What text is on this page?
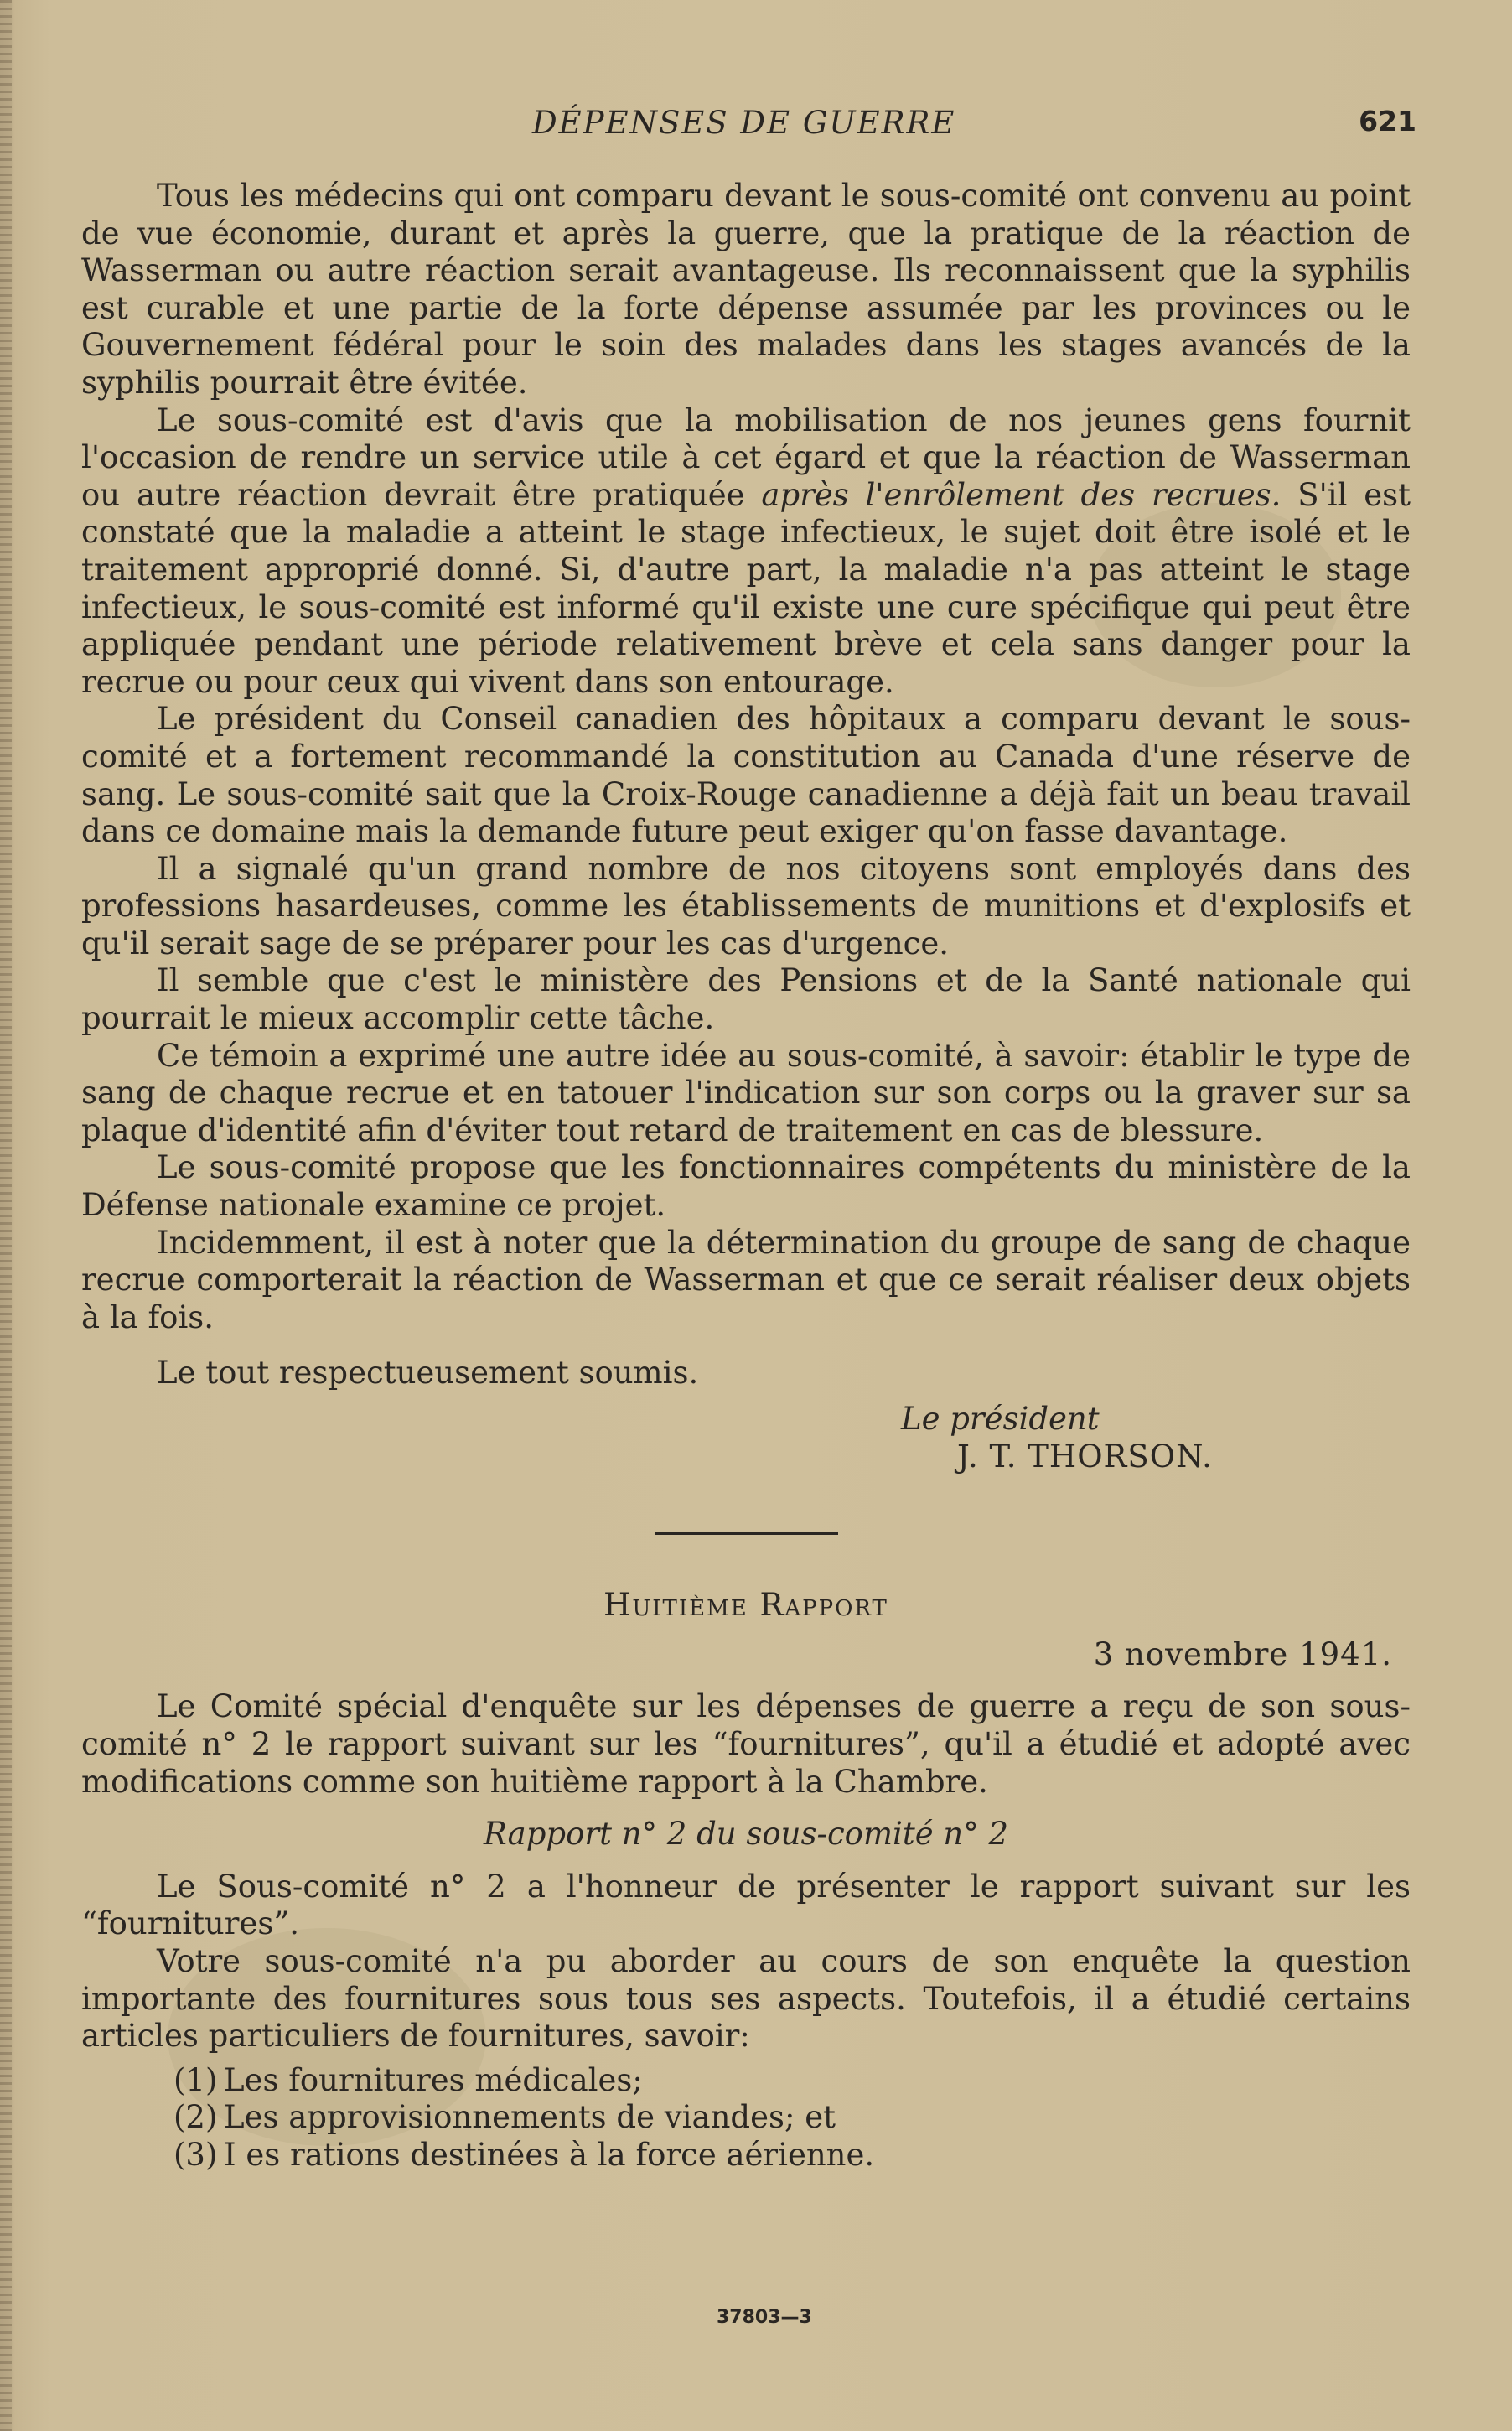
DÉPENSES DE GUERRE	621

Tous les médecins qui ont comparu devant le sous-comité ont convenu au point de vue économie, durant et après la guerre, que la pratique de la réaction de Wasserman ou autre réaction serait avantageuse. Ils reconnaissent que la syphilis est curable et une partie de la forte dépense assumée par les provinces ou le Gouvernement fédéral pour le soin des malades dans les stages avancés de la syphilis pourrait être évitée.

Le sous-comité est d'avis que la mobilisation de nos jeunes gens fournit l'occasion de rendre un service utile à cet égard et que la réaction de Wasserman ou autre réaction devrait être pratiquée après l'enrôlement des recrues. S'il est constaté que la maladie a atteint le stage infectieux, le sujet doit être isolé et le traitement approprié donné. Si, d'autre part, la maladie n'a pas atteint le stage infectieux, le sous-comité est informé qu'il existe une cure spécifique qui peut être appliquée pendant une période relativement brève et cela sans danger pour la recrue ou pour ceux qui vivent dans son entourage.

Le président du Conseil canadien des hôpitaux a comparu devant le sous-comité et a fortement recommandé la constitution au Canada d'une réserve de sang. Le sous-comité sait que la Croix-Rouge canadienne a déjà fait un beau travail dans ce domaine mais la demande future peut exiger qu'on fasse davantage.

Il a signalé qu'un grand nombre de nos citoyens sont employés dans des professions hasardeuses, comme les établissements de munitions et d'explosifs et qu'il serait sage de se préparer pour les cas d'urgence.

Il semble que c'est le ministère des Pensions et de la Santé nationale qui pourrait le mieux accomplir cette tâche.

Ce témoin a exprimé une autre idée au sous-comité, à savoir: établir le type de sang de chaque recrue et en tatouer l'indication sur son corps ou la graver sur sa plaque d'identité afin d'éviter tout retard de traitement en cas de blessure.

Le sous-comité propose que les fonctionnaires compétents du ministère de la Défense nationale examine ce projet.

Incidemment, il est à noter que la détermination du groupe de sang de chaque recrue comporterait la réaction de Wasserman et que ce serait réaliser deux objets à la fois.

Le tout respectueusement soumis.

Le président

J. T. THORSON.

Huitième Rapport

3 novembre 1941.

Le Comité spécial d'enquête sur les dépenses de guerre a reçu de son sous-comité n° 2 le rapport suivant sur les “fournitures”, qu'il a étudié et adopté avec modifications comme son huitième rapport à la Chambre.

Rapport n° 2 du sous-comité n° 2

Le Sous-comité n° 2 a l'honneur de présenter le rapport suivant sur les “fournitures”.

Votre sous-comité n'a pu aborder au cours de son enquête la question importante des fournitures sous tous ses aspects. Toutefois, il a étudié certains articles particuliers de fournitures, savoir:

(1) Les fournitures médicales;
(2) Les approvisionnements de viandes; et
(3) I es rations destinées à la force aérienne.
37803—3
